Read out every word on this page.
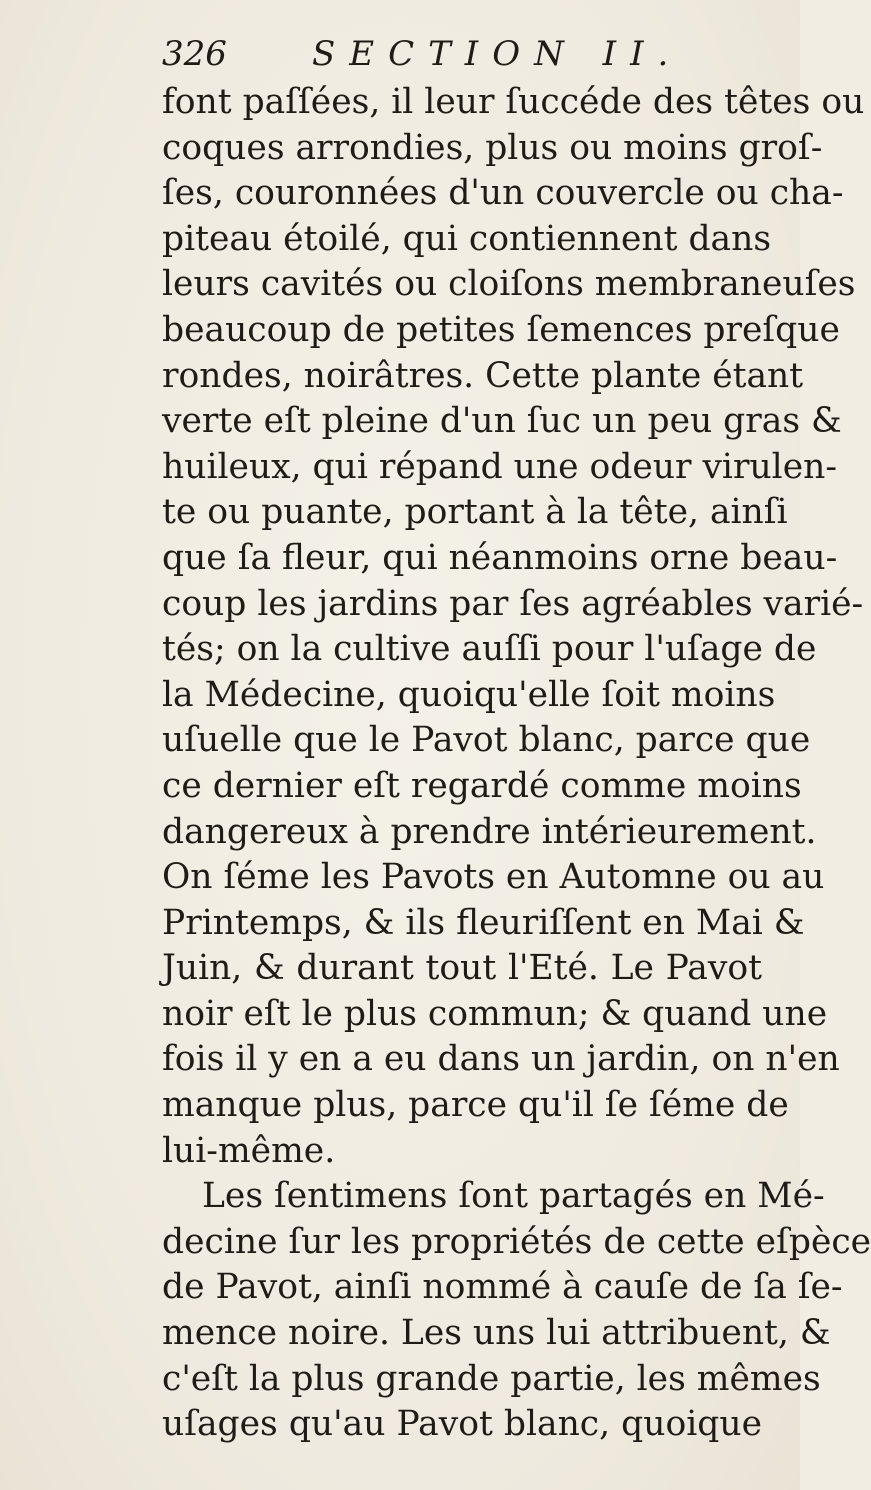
326	SECTION II.
font paſſées, il leur ſuccéde des têtes ou
coques arrondies, plus ou moins groſ-
ſes, couronnées d'un couvercle ou cha-
piteau étoilé, qui contiennent dans
leurs cavités ou cloiſons membraneuſes
beaucoup de petites ſemences preſque
rondes, noirâtres. Cette plante étant
verte eſt pleine d'un ſuc un peu gras &
huileux, qui répand une odeur virulen-
te ou puante, portant à la tête, ainſi
que ſa fleur, qui néanmoins orne beau-
coup les jardins par ſes agréables varié-
tés; on la cultive auſſi pour l'uſage de
la Médecine, quoiqu'elle ſoit moins
uſuelle que le Pavot blanc, parce que
ce dernier eſt regardé comme moins
dangereux à prendre intérieurement.
On ſéme les Pavots en Automne ou au
Printemps, & ils fleuriſſent en Mai &
Juin, & durant tout l'Eté. Le Pavot
noir eſt le plus commun; & quand une
fois il y en a eu dans un jardin, on n'en
manque plus, parce qu'il ſe ſéme de
lui-même.
Les ſentimens ſont partagés en Mé-
decine ſur les propriétés de cette eſpèce
de Pavot, ainſi nommé à cauſe de ſa ſe-
mence noire. Les uns lui attribuent, &
c'eſt la plus grande partie, les mêmes
uſages qu'au Pavot blanc, quoique
